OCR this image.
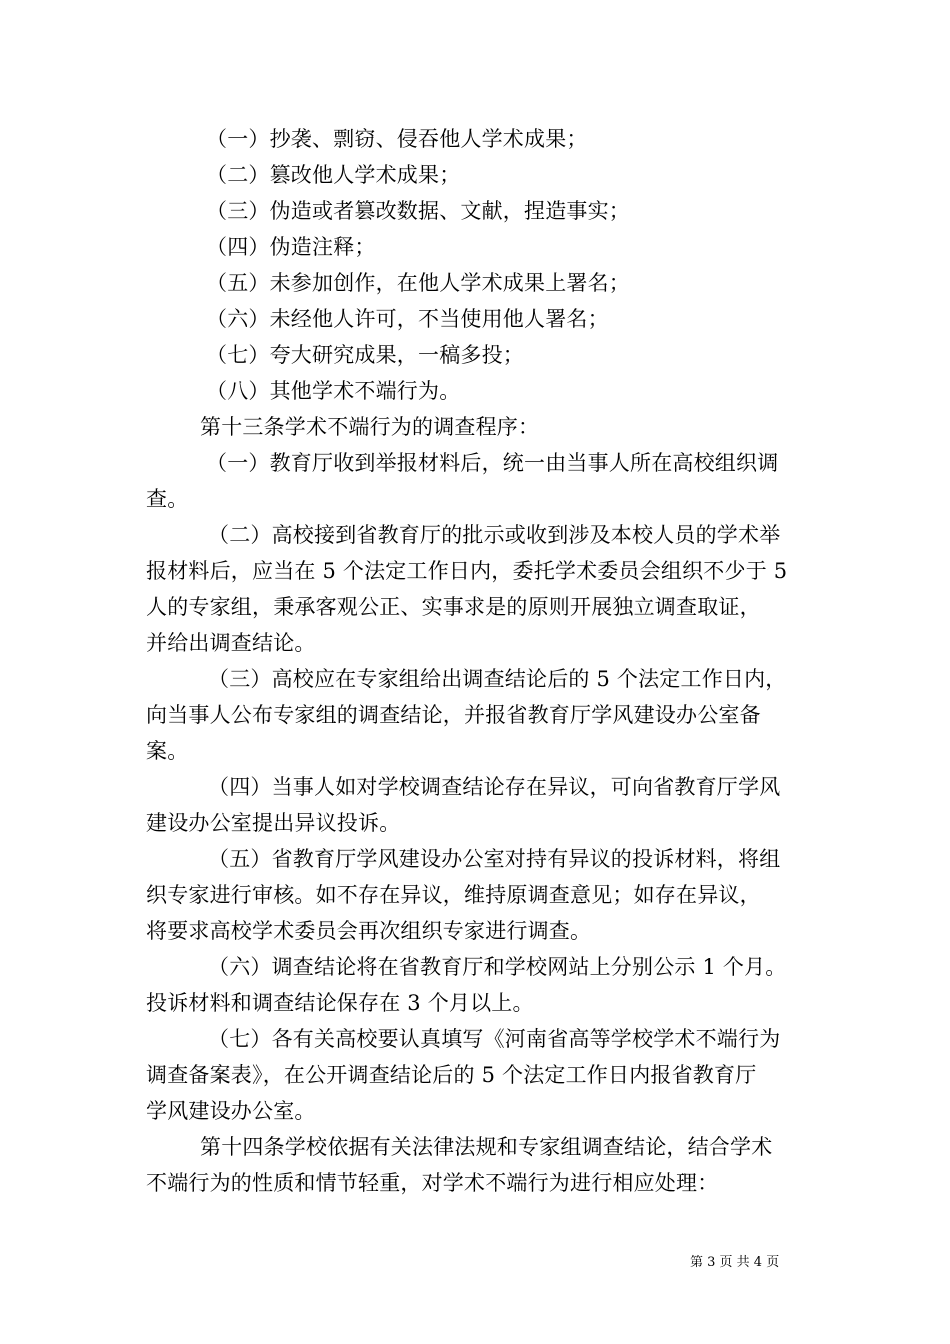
（一）抄袭、剽窃、侵吞他人学术成果；
（二）篡改他人学术成果；
（三）伪造或者篡改数据、文献，捏造事实；
（四）伪造注释；
（五）未参加创作，在他人学术成果上署名；
（六）未经他人许可，不当使用他人署名；
（七）夸大研究成果，一稿多投；
（八）其他学术不端行为。
第十三条学术不端行为的调查程序：
（一）教育厅收到举报材料后，统一由当事人所在高校组织调
查。
（二）高校接到省教育厅的批示或收到涉及本校人员的学术举
报材料后，应当在 5 个法定工作日内，委托学术委员会组织不少于 5
人的专家组，秉承客观公正、实事求是的原则开展独立调查取证，
并给出调查结论。
（三）高校应在专家组给出调查结论后的 5 个法定工作日内，
向当事人公布专家组的调查结论，并报省教育厅学风建设办公室备
案。
（四）当事人如对学校调查结论存在异议，可向省教育厅学风
建设办公室提出异议投诉。
（五）省教育厅学风建设办公室对持有异议的投诉材料，将组
织专家进行审核。如不存在异议，维持原调查意见；如存在异议，
将要求高校学术委员会再次组织专家进行调查。
（六）调查结论将在省教育厅和学校网站上分别公示 1 个月。
投诉材料和调查结论保存在 3 个月以上。
（七）各有关高校要认真填写《河南省高等学校学术不端行为
调查备案表》，在公开调查结论后的 5 个法定工作日内报省教育厅
学风建设办公室。
第十四条学校依据有关法律法规和专家组调查结论，结合学术
不端行为的性质和情节轻重，对学术不端行为进行相应处理：
第 3 页 共 4 页
